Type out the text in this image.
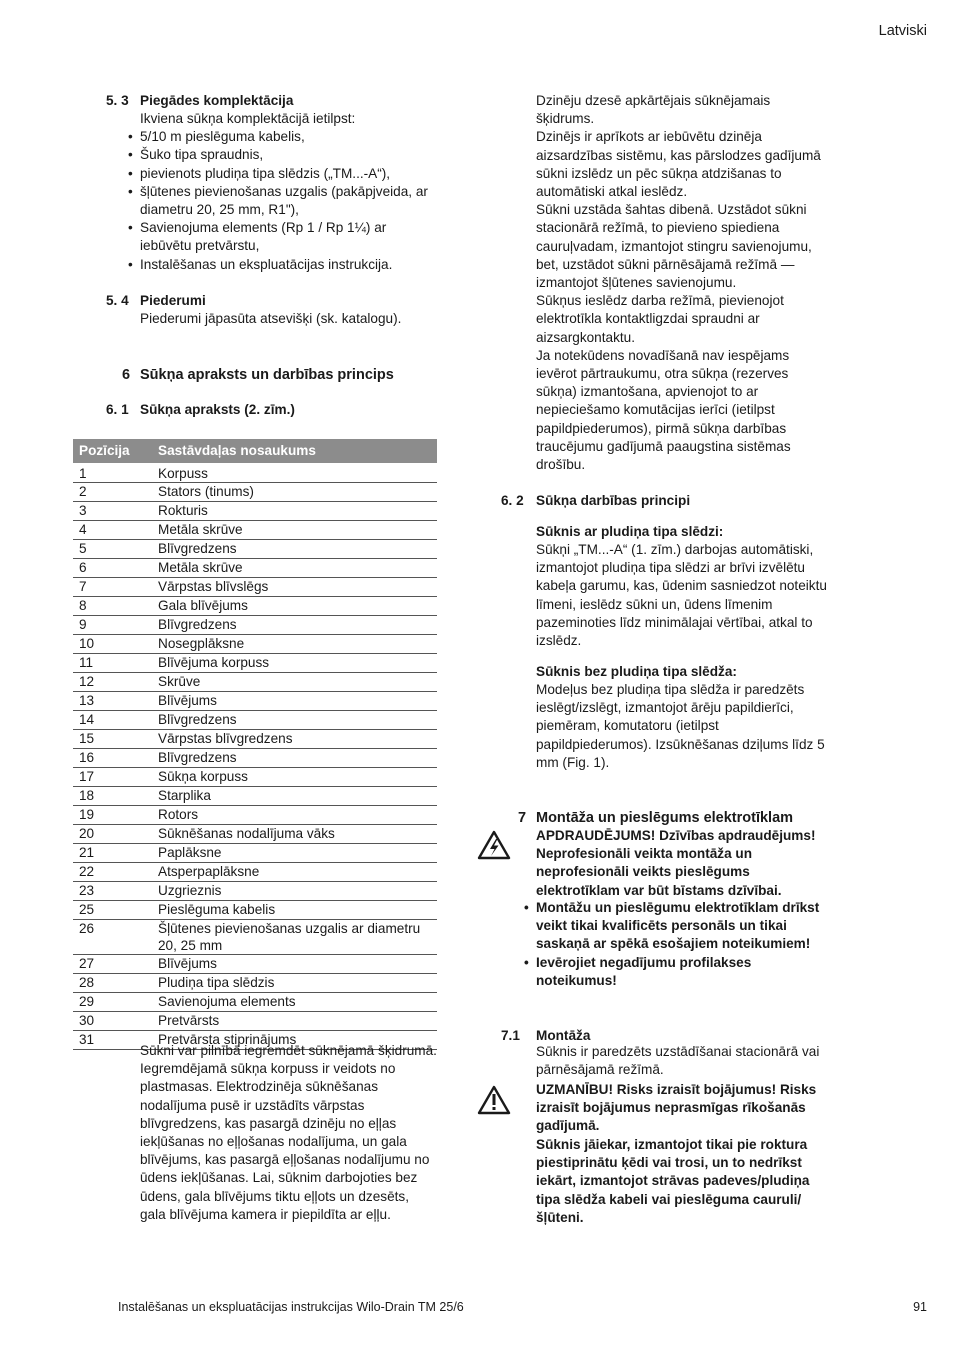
Latviski
5. 3 Piegādes komplektācija

Ikviena sūkņa komplektācijā ietilpst:

• 5/10 m pieslēguma kabelis,
• Šuko tipa spraudnis,
• pievienots pludiņa tipa slēdzis („TM...-A“),
• šļūtenes pievienošanas uzgalis (pakāpjveida, ar diametru 20, 25 mm, R1"),
• Savienojuma elements (Rp 1 / Rp 1¼) ar iebūvētu pretvārstu,
• Instalēšanas un ekspluatācijas instrukcija.
5. 4 Piederumi
Piederumi jāpasūta atsevišķi (sk. katalogu).
6 Sūkņa apraksts un darbības princips
6. 1 Sūkņa apraksts (2. zīm.)
Pozīcija	Sastāvdaļas nosaukums
1	Korpuss
2	Stators (tinums)
3	Rokturis
4	Metāla skrūve
5	Blīvgredzens
6	Metāla skrūve
7	Vārpstas blīvslēgs
8	Gala blīvējums
9	Blīvgredzens
10	Nosegplāksne
11	Blīvējuma korpuss
12	Skrūve
13	Blīvējums
14	Blīvgredzens
15	Vārpstas blīvgredzens
16	Blīvgredzens
17	Sūkņa korpuss
18	Starplika
19	Rotors
20	Sūknēšanas nodalījuma vāks
21	Paplāksne
22	Atsperpaplāksne
23	Uzgrieznis
25	Pieslēguma kabelis
26	Šļūtenes pievienošanas uzgalis ar diametru 20, 25 mm
27	Blīvējums
28	Pludiņa tipa slēdzis
29	Savienojuma elements
30	Pretvārsts
31	Pretvārsta stiprinājums
Sūkni var pilnībā iegremdēt sūknējamā šķidrumā. Iegremdējamā sūkņa korpuss ir veidots no plastmasas. Elektrodzinēja sūknēšanas nodalījuma pusē ir uzstādīts vārpstas blīvgredzens, kas pasargā dzinēju no eļļas iekļūšanas no eļļošanas nodalījuma, un gala blīvējums, kas pasargā eļļošanas nodalījumu no ūdens iekļūšanas. Lai, sūknim darbojoties bez ūdens, gala blīvējums tiktu eļļots un dzesēts, gala blīvējuma kamera ir piepildīta ar eļļu.

Dzinēju dzesē apkārtējais sūknējamais šķidrums.

Dzinējs ir aprīkots ar iebūvētu dzinēja aizsardzības sistēmu, kas pārslodzes gadījumā sūkni izslēdz un pēc sūkņa atdzišanas to automātiski atkal ieslēdz.

Sūkni uzstāda šahtas dibenā. Uzstādot sūkni stacionārā režīmā, to pievieno spiediena cauruļvadam, izmantojot stingru savienojumu, bet, uzstādot sūkni pārnēsājamā režīmā — izmantojot šļūtenes savienojumu.

Sūkņus ieslēdz darba režīmā, pievienojot elektrotīkla kontaktligzdai spraudni ar aizsargkontaktu.

Ja notekūdens novadīšanā nav iespējams ievērot pārtraukumu, otra sūkņa (rezerves sūkņa) izmantošana, apvienojot to ar nepieciešamo komutācijas ierīci (ietilpst papildpiederumos), pirmā sūkņa darbības traucējumu gadījumā paaugstina sistēmas drošību.

6. 2 Sūkņa darbības principi
Sūknis ar pludiņa tipa slēdzi:
Sūkņi „TM...-A“ (1. zīm.) darbojas automātiski, izmantojot pludiņa tipa slēdzi ar brīvi izvēlētu kabeļa garumu, kas, ūdenim sasniedzot noteiktu līmeni, ieslēdz sūkni un, ūdens līmenim pazeminoties līdz minimālajai vērtībai, atkal to izslēdz.
Sūknis bez pludiņa tipa slēdža:
Modeļus bez pludiņa tipa slēdža ir paredzēts ieslēgt/izslēgt, izmantojot ārēju papildierīci, piemēram, komutatoru (ietilpst papildpiederumos). Izsūknēšanas dziļums līdz 5 mm (Fig. 1).
7 Montāža un pieslēgums elektrotīklam
APDRAUDĒJUMS! Dzīvības apdraudējums! Neprofesionāli veikta montāža un neprofesionāli veikts pieslēgums elektrotīklam var būt bīstams dzīvībai.
• Montāžu un pieslēgumu elektrotīklam drīkst veikt tikai kvalificēts personāls un tikai saskaņā ar spēkā esošajiem noteikumiem!
• Ievērojiet negadījumu profilakses noteikumus!
7.1 Montāža
Sūknis ir paredzēts uzstādīšanai stacionārā vai pārnēsājamā režīmā.
UZMANĪBU! Risks izraisīt bojājumus! Risks izraisīt bojājumus neprasmīgas rīkošanās gadījumā.
Sūknis jāiekar, izmantojot tikai pie roktura piestiprinātu ķēdi vai trosi, un to nedrīkst iekārt, izmantojot strāvas padeves/pludiņa tipa slēdža kabeli vai pieslēguma cauruli/šļūteni.
Instalēšanas un ekspluatācijas instrukcijas Wilo-Drain TM 25/6	91
